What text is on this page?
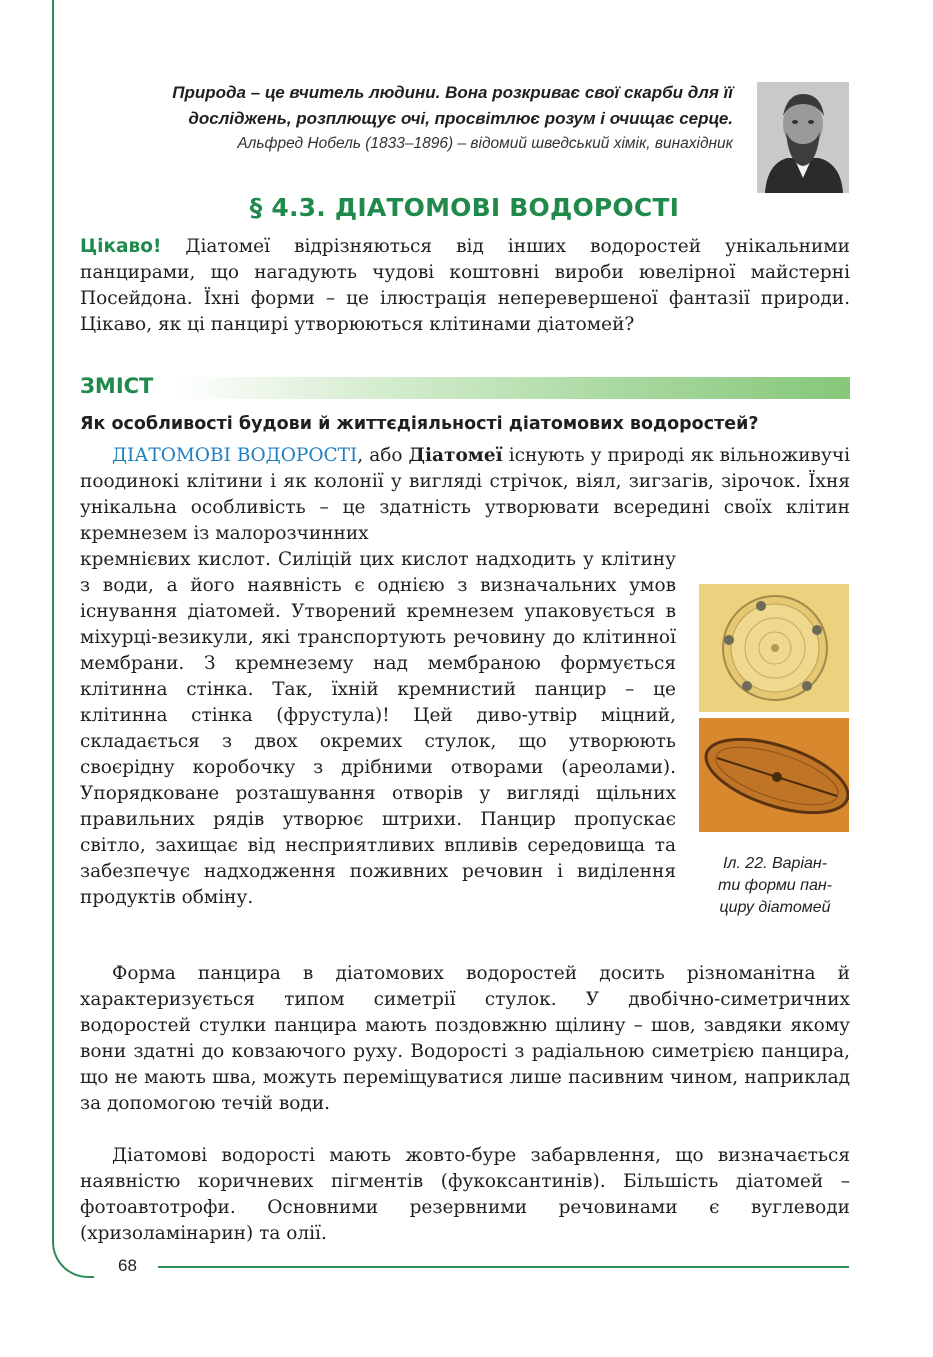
68
Природа – це вчитель людини. Вона розкриває свої скарби для її
досліджень, розплющує очі, просвітлює розум і очищає серце.
Альфред Нобель (1833–1896) – відомий шведський хімік, винахідник
§ 4.3. ДІАТОМОВІ ВОДОРОСТІ
Цікаво! Діатомеї відрізняються від інших водоростей унікальними панцирами, що нагадують чудові коштовні вироби ювелірної майстерні Посейдона. Їхні форми – це ілюстрація неперевершеної фантазії природи. Цікаво, як ці панцирі утворюються клітинами діатомей?
ЗМІСТ
Як особливості будови й життєдіяльності діатомових водоростей?
ДІАТОМОВІ ВОДОРОСТІ, або Діатомеї існують у природі як вільноживучі поодинокі клітини і як колонії у вигляді стрічок, віял, зигзагів, зірочок. Їхня унікальна особливість – це здатність утворювати всередині своїх клітин кремнезем із малорозчинних
кремнієвих кислот. Силіцій цих кислот надходить у клітину з води, а його наявність є однією з визначальних умов існування діатомей. Утворений кремнезем упаковується в міхурці-везикули, які транспортують речовину до клітинної мембрани. З кремнезему над мембраною формується клітинна стінка. Так, їхній кремнистий панцир – це клітинна стінка (фрустула)! Цей диво-утвір міцний, складається з двох окремих стулок, що утворюють своєрідну коробочку з дрібними отворами (ареолами). Упорядковане розташування отворів у вигляді щільних правильних рядів утворює штрихи. Панцир пропускає світло, захищає від несприятливих впливів середовища та забезпечує надходження поживних речовин і виділення продуктів обміну.
Іл. 22. Варіан-
ти форми пан-
циру діатомей
Форма панцира в діатомових водоростей досить різноманітна й характеризується типом симетрії стулок. У двобічно-симетричних водоростей стулки панцира мають поздовжню щілину – шов, завдяки якому вони здатні до ковзаючого руху. Водорості з радіальною симетрією панцира, що не мають шва, можуть переміщуватися лише пасивним чином, наприклад за допомогою течій води.
Діатомові водорості мають жовто-буре забарвлення, що визначається наявністю коричневих пігментів (фукоксантинів). Більшість діатомей – фотоавтотрофи. Основними резервними речовинами є вуглеводи (хризоламінарин) та олії.
